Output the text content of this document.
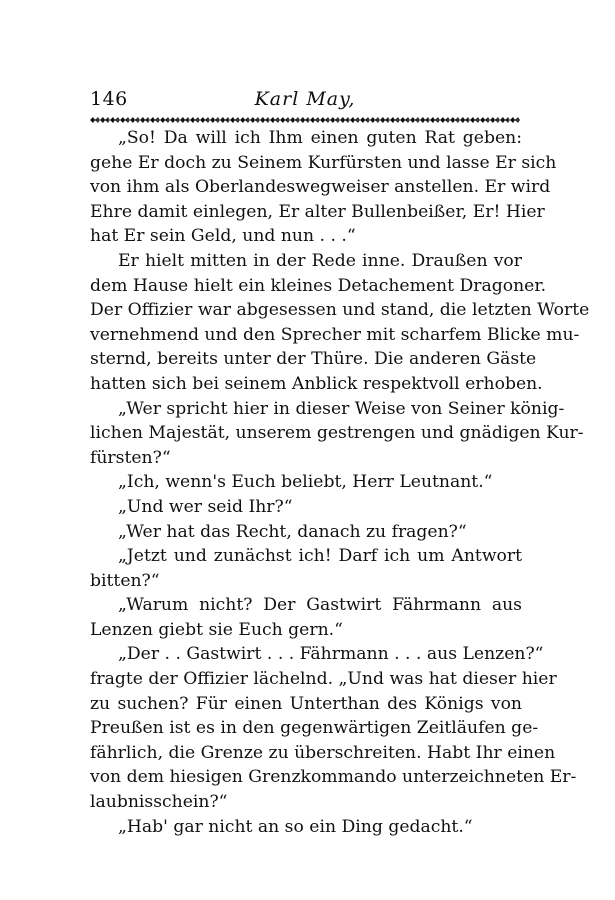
146	Karl May,
„So! Da will ich Ihm einen guten Rat geben:
gehe Er doch zu Seinem Kurfürsten und lasse Er sich
von ihm als Oberlandeswegweiser anstellen. Er wird
Ehre damit einlegen, Er alter Bullenbeißer, Er! Hier
hat Er sein Geld, und nun . . .“
Er hielt mitten in der Rede inne. Draußen vor
dem Hause hielt ein kleines Detachement Dragoner.
Der Offizier war abgesessen und stand, die letzten Worte
vernehmend und den Sprecher mit scharfem Blicke mu-
sternd, bereits unter der Thüre. Die anderen Gäste
hatten sich bei seinem Anblick respektvoll erhoben.
„Wer spricht hier in dieser Weise von Seiner könig-
lichen Majestät, unserem gestrengen und gnädigen Kur-
fürsten?“
„Ich, wenn's Euch beliebt, Herr Leutnant.“
„Und wer seid Ihr?“
„Wer hat das Recht, danach zu fragen?“
„Jetzt und zunächst ich! Darf ich um Antwort
bitten?“
„Warum nicht? Der Gastwirt Fährmann aus
Lenzen giebt sie Euch gern.“
„Der . . Gastwirt . . . Fährmann . . . aus Lenzen?“
fragte der Offizier lächelnd. „Und was hat dieser hier
zu suchen? Für einen Unterthan des Königs von
Preußen ist es in den gegenwärtigen Zeitläufen ge-
fährlich, die Grenze zu überschreiten. Habt Ihr einen
von dem hiesigen Grenzkommando unterzeichneten Er-
laubnisschein?“
„Hab' gar nicht an so ein Ding gedacht.“
